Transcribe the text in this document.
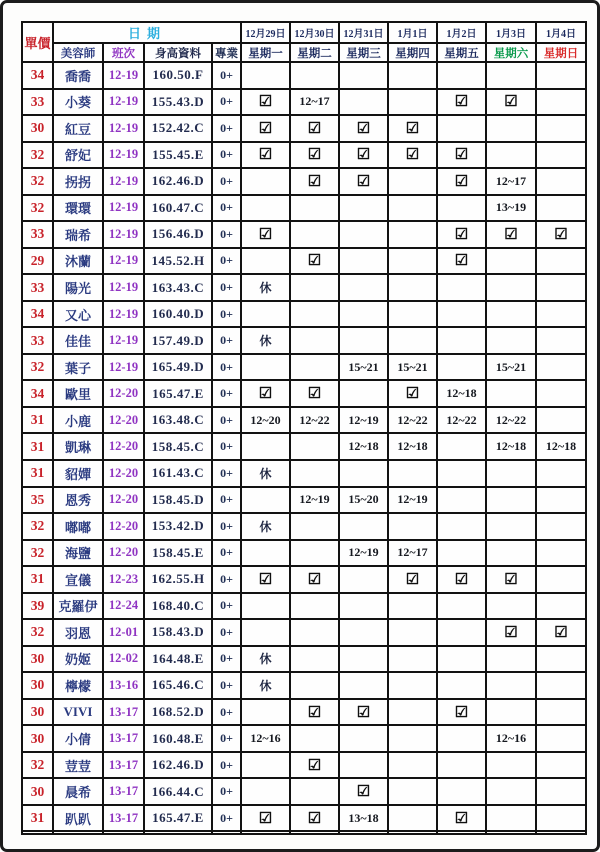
單價	日期				12月29日	12月30日	12月31日	1月1日	1月2日	1月3日	1月4日
	美容師	班次	身高資料	專業	星期一	星期二	星期三	星期四	星期五	星期六	星期日
34	喬喬	12-19	160.50.F	0+							
33	小葵	12-19	155.43.D	0+	☑	12~17			☑	☑	
30	紅豆	12-19	152.42.C	0+	☑	☑	☑	☑			
32	舒妃	12-19	155.45.E	0+	☑	☑	☑	☑	☑		
32	拐拐	12-19	162.46.D	0+		☑	☑		☑	12~17	
32	環環	12-19	160.47.C	0+						13~19	
33	瑞希	12-19	156.46.D	0+	☑				☑	☑	☑
29	沐蘭	12-19	145.52.H	0+		☑			☑		
33	陽光	12-19	163.43.C	0+	休						
34	又心	12-19	160.40.D	0+							
33	佳佳	12-19	157.49.D	0+	休						
32	葉子	12-19	165.49.D	0+			15~21	15~21		15~21	
34	歐里	12-20	165.47.E	0+	☑	☑		☑	12~18		
31	小鹿	12-20	163.48.C	0+	12~20	12~22	12~19	12~22	12~22	12~22	
31	凱琳	12-20	158.45.C	0+			12~18	12~18		12~18	12~18
31	貂嬋	12-20	161.43.C	0+	休						
35	恩秀	12-20	158.45.D	0+		12~19	15~20	12~19			
32	嘟嘟	12-20	153.42.D	0+	休						
32	海鹽	12-20	158.45.E	0+			12~19	12~17			
31	宣儀	12-23	162.55.H	0+	☑	☑		☑	☑	☑	
39	克羅伊	12-24	168.40.C	0+							
32	羽恩	12-01	158.43.D	0+						☑	☑
30	奶姬	12-02	164.48.E	0+	休						
30	檸檬	13-16	165.46.C	0+	休						
30	VIVI	13-17	168.52.D	0+		☑	☑		☑		
30	小倩	13-17	160.48.E	0+	12~16					12~16	
32	荳荳	13-17	162.46.D	0+		☑					
30	晨希	13-17	166.44.C	0+			☑				
31	趴趴	13-17	165.47.E	0+	☑	☑	13~18		☑		
